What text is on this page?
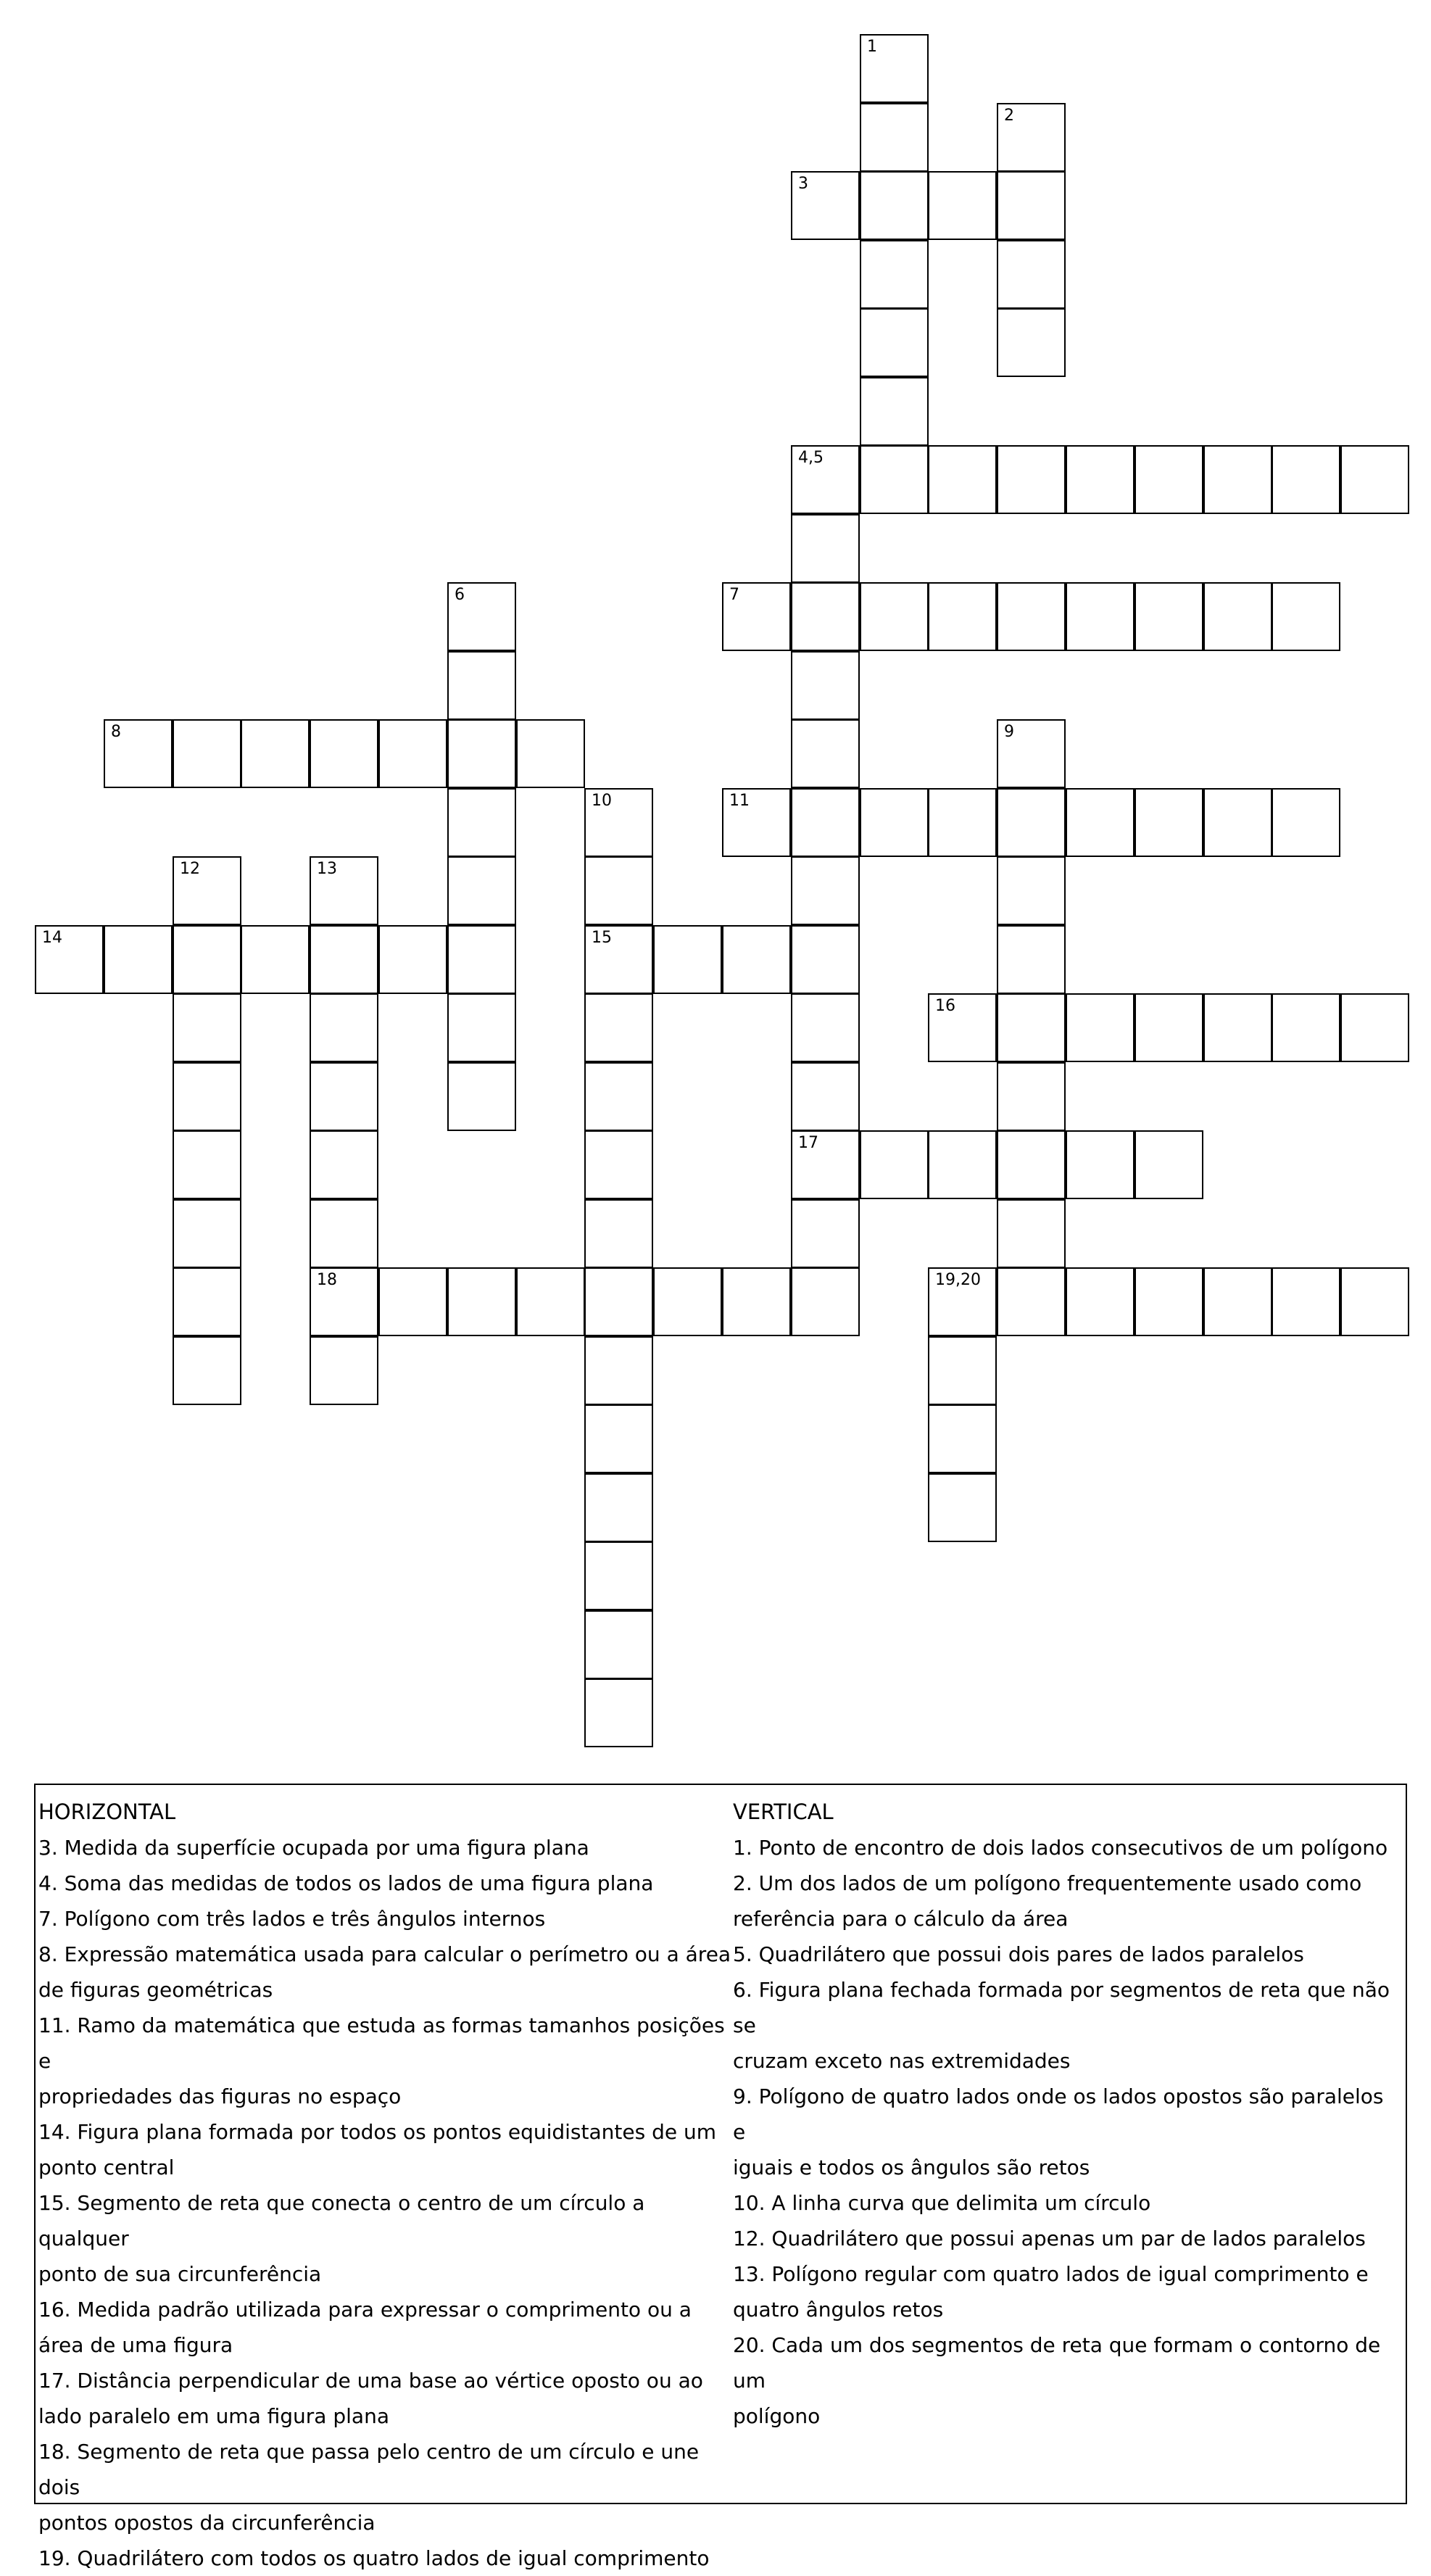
1
2
3
4,5
17
6	7
8	9
10
15
11
12	13
18
14
16
19,20
HORIZONTAL
3. Medida da superfície ocupada por uma figura plana
4. Soma das medidas de todos os lados de uma figura plana
7. Polígono com três lados e três ângulos internos
8. Expressão matemática usada para calcular o perímetro ou a área
de figuras geométricas
11. Ramo da matemática que estuda as formas tamanhos posições e
propriedades das figuras no espaço
14. Figura plana formada por todos os pontos equidistantes de um
ponto central
15. Segmento de reta que conecta o centro de um círculo a qualquer
ponto de sua circunferência
16. Medida padrão utilizada para expressar o comprimento ou a
área de uma figura
17. Distância perpendicular de uma base ao vértice oposto ou ao
lado paralelo em uma figura plana
18. Segmento de reta que passa pelo centro de um círculo e une dois
pontos opostos da circunferência
19. Quadrilátero com todos os quatro lados de igual comprimento
VERTICAL
1. Ponto de encontro de dois lados consecutivos de um polígono
2. Um dos lados de um polígono frequentemente usado como
referência para o cálculo da área
5. Quadrilátero que possui dois pares de lados paralelos
6. Figura plana fechada formada por segmentos de reta que não se
cruzam exceto nas extremidades
9. Polígono de quatro lados onde os lados opostos são paralelos e
iguais e todos os ângulos são retos
10. A linha curva que delimita um círculo
12. Quadrilátero que possui apenas um par de lados paralelos
13. Polígono regular com quatro lados de igual comprimento e
quatro ângulos retos
20. Cada um dos segmentos de reta que formam o contorno de um
polígono
